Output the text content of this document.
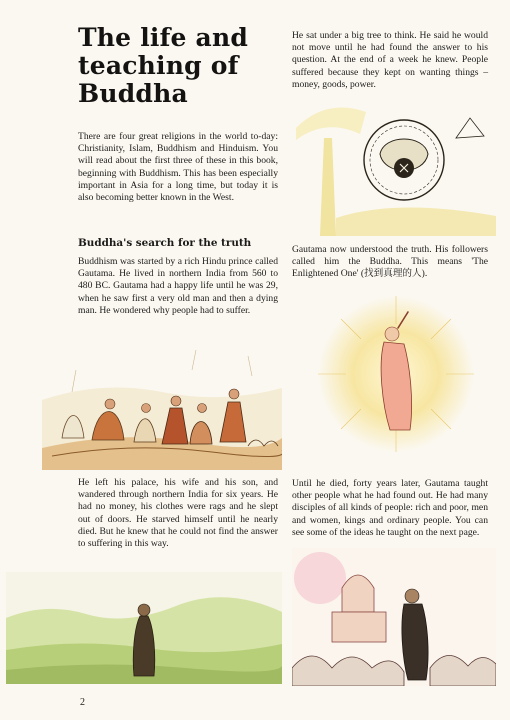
The life and teaching of Buddha

There are four great religions in the world to-day: Christianity, Islam, Buddhism and Hinduism. You will read about the first three of these in this book, beginning with Buddhism. This has been especially important in Asia for a long time, but today it is also becoming better known in the West.

Buddha's search for the truth

Buddhism was started by a rich Hindu prince called Gautama. He lived in northern India from 560 to 480 BC. Gautama had a happy life until he was 29, when he saw first a very old man and then a dying man. He wondered why people had to suffer.

He left his palace, his wife and his son, and wandered through northern India for six years. He had no money, his clothes were rags and he slept out of doors. He starved himself until he nearly died. But he knew that he could not find the answer to suffering in this way.

He sat under a big tree to think. He said he would not move until he had found the answer to his question. At the end of a week he knew. People suffered because they kept on wanting things – money, goods, power.

Gautama now understood the truth. His followers called him the Buddha. This means 'The Enlightened One' (找到真理的人).

Until he died, forty years later, Gautama taught other people what he had found out. He had many disciples of all kinds of people: rich and poor, men and women, kings and ordinary people. You can see some of the ideas he taught on the next page.

2
